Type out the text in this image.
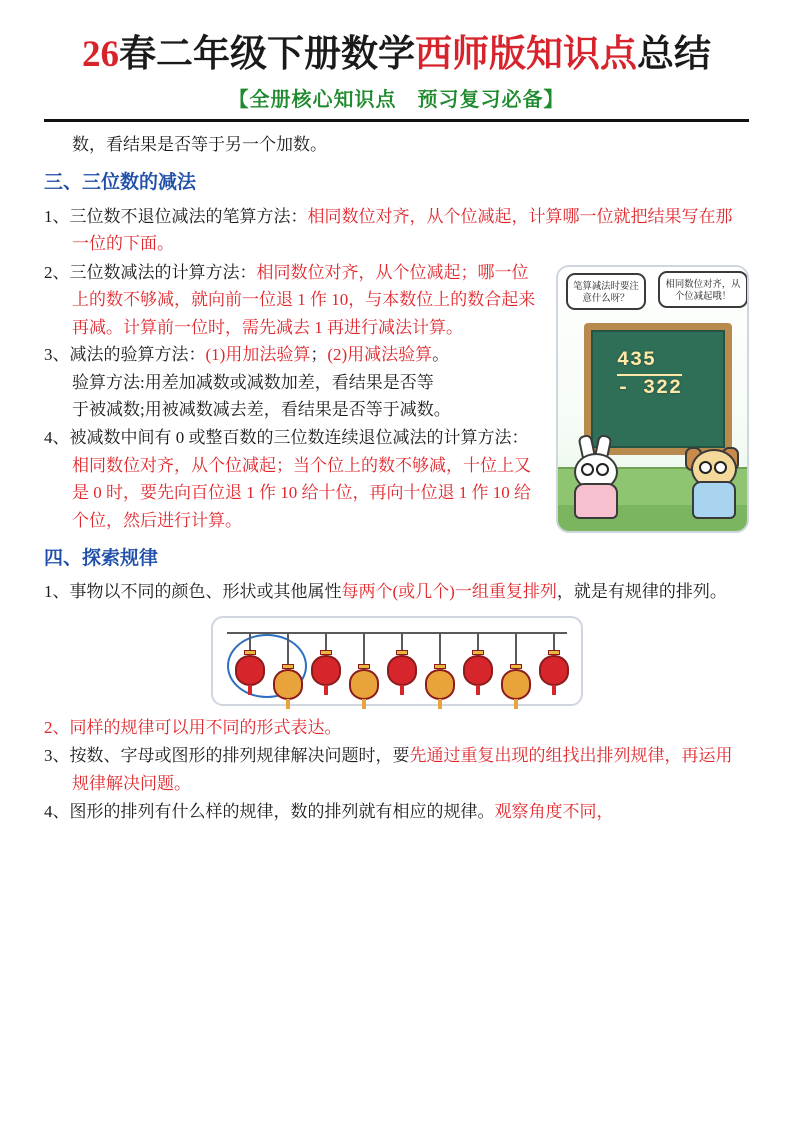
26春二年级下册数学西师版知识点总结
【全册核心知识点　预习复习必备】

数，看结果是否等于另一个加数。

三、三位数的减法

1、三位数不退位减法的笔算方法：相同数位对齐，从个位减起，计算哪一位就把结果写在那一位的下面。

435
- 322
笔算减法时要注意什么呀？
相同数位对齐，从个位减起哦！

2、三位数减法的计算方法：相同数位对齐，从个位减起；哪一位上的数不够减，就向前一位退 1 作 10，与本数位上的数合起来再减。计算前一位时，需先减去 1 再进行减法计算。

3、减法的验算方法：(1)用加法验算；(2)用减法验算。

验算方法:用差加减数或减数加差，看结果是否等

于被减数;用被减数减去差，看结果是否等于减数。

4、被减数中间有 0 或整百数的三位数连续退位减法的计算方法：相同数位对齐，从个位减起；当个位上的数不够减，十位上又是 0 时，要先向百位退 1 作 10 给十位，再向十位退 1 作 10 给个位，然后进行计算。

四、探索规律

1、事物以不同的颜色、形状或其他属性每两个(或几个)一组重复排列，就是有规律的排列。

2、同样的规律可以用不同的形式表达。

3、按数、字母或图形的排列规律解决问题时，要先通过重复出现的组找出排列规律，再运用规律解决问题。

4、图形的排列有什么样的规律，数的排列就有相应的规律。观察角度不同，
